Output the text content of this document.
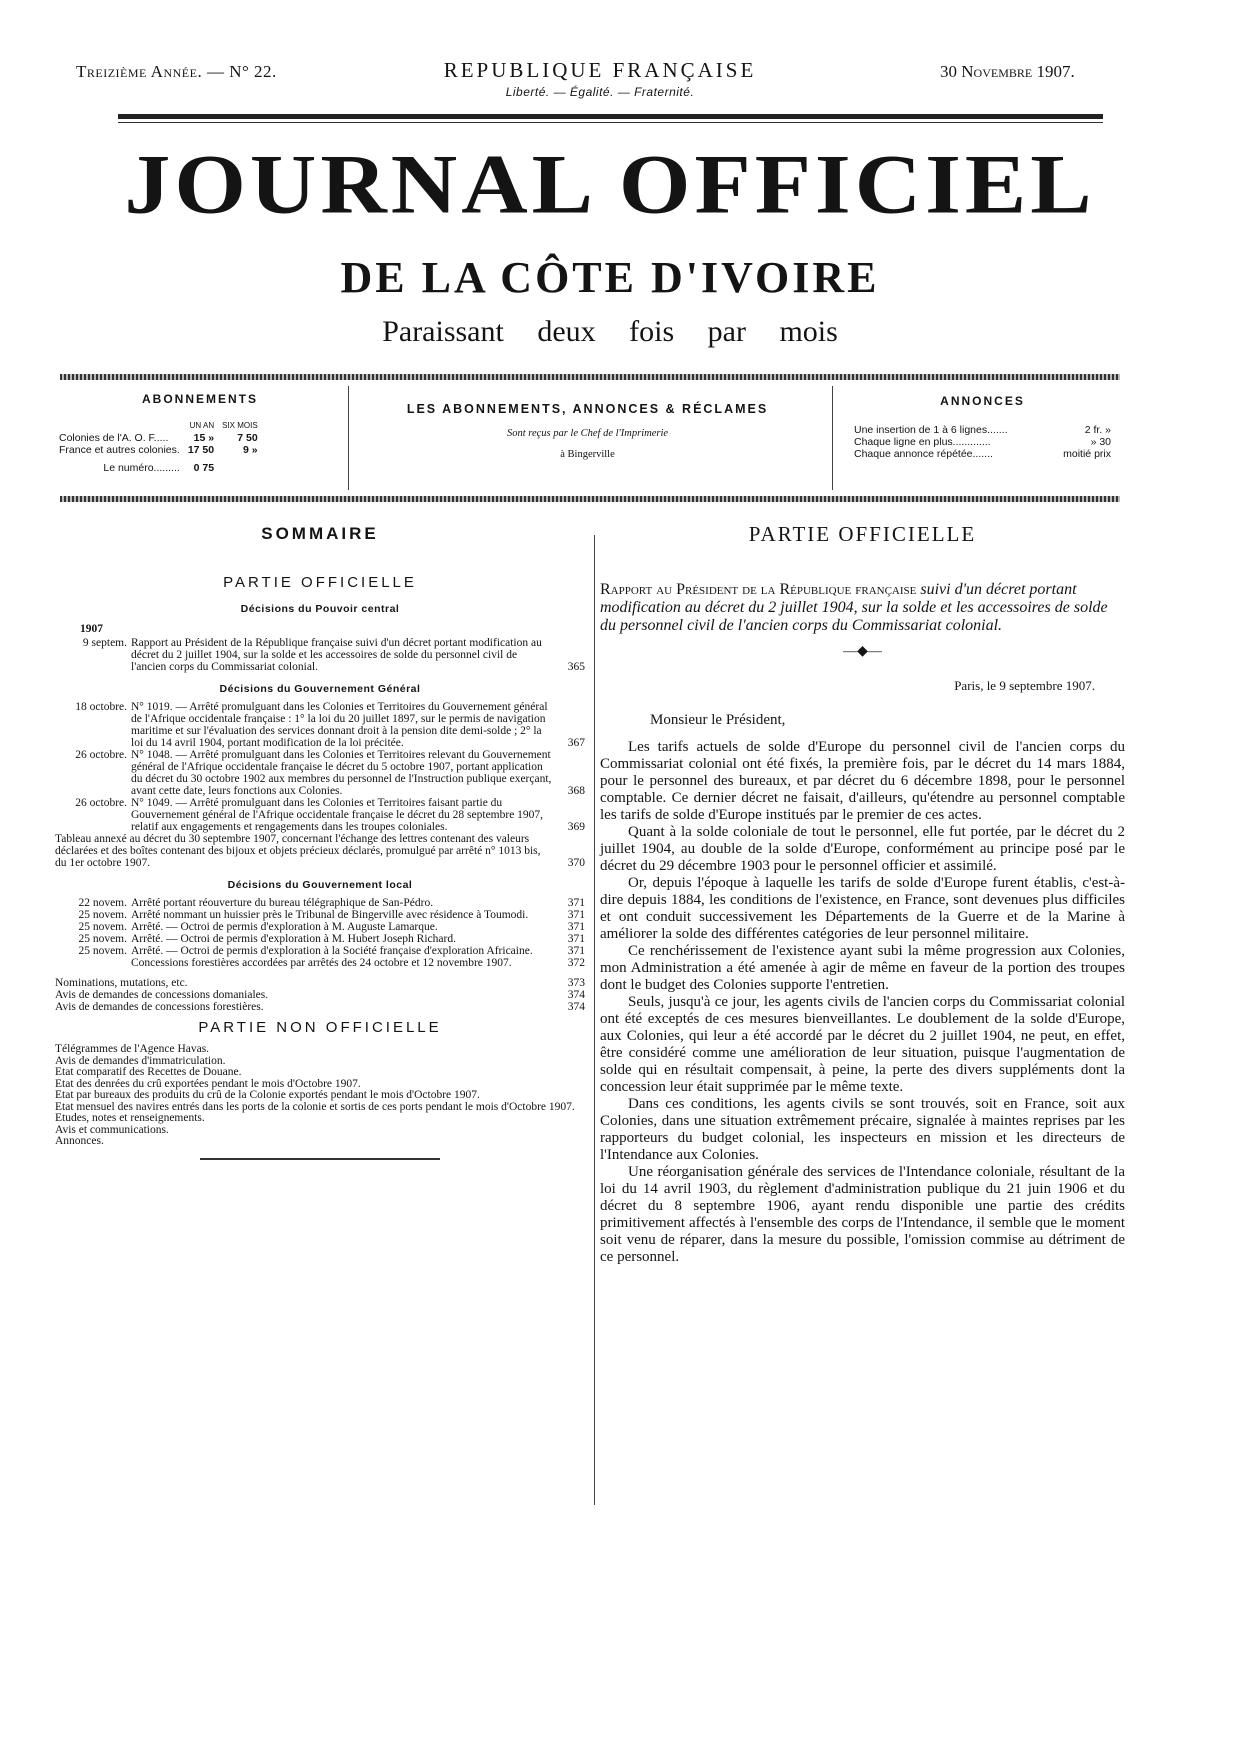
Treizième Année. — N° 22.	REPUBLIQUE FRANÇAISE
Liberté. — Égalité. — Fraternité.
30 Novembre 1907.
JOURNAL OFFICIEL
DE LA CÔTE D'IVOIRE
Paraissant deux fois par mois
ABONNEMENTS
	UN AN	SIX MOIS
Colonies de l'A. O. F.....	15 »	7 50
France et autres colonies.	17 50	9 »
Le numéro.........	0 75	
LES ABONNEMENTS, ANNONCES & RÉCLAMES
Sont reçus par le Chef de l'Imprimerie
à Bingerville
ANNONCES
Une insertion de 1 à 6 lignes.......	2 fr. »
Chaque ligne en plus.............	» 30
Chaque annonce répétée.......	moitié prix
SOMMAIRE
PARTIE OFFICIELLE
Décisions du Pouvoir central
1907
9 septem. Rapport au Président de la République française suivi d'un décret portant modification au décret du 2 juillet 1904, sur la solde et les accessoires de solde du personnel civil de l'ancien corps du Commissariat colonial.	365
Décisions du Gouvernement Général
18 octobre. N° 1019. — Arrêté promulguant dans les Colonies et Territoires du Gouvernement général de l'Afrique occidentale française : 1° la loi du 20 juillet 1897, sur le permis de navigation maritime et sur l'évaluation des services donnant droit à la pension dite demi-solde ; 2° la loi du 14 avril 1904, portant modification de la loi précitée.	367
26 octobre. N° 1048. — Arrêté promulguant dans les Colonies et Territoires relevant du Gouvernement général de l'Afrique occidentale française le décret du 5 octobre 1907, portant application du décret du 30 octobre 1902 aux membres du personnel de l'Instruction publique exerçant, avant cette date, leurs fonctions aux Colonies.	368
26 octobre. N° 1049. — Arrêté promulguant dans les Colonies et Territoires faisant partie du Gouvernement général de l'Afrique occidentale française le décret du 28 septembre 1907, relatif aux engagements et rengagements dans les troupes coloniales.	369
Tableau annexé au décret du 30 septembre 1907, concernant l'échange des lettres contenant des valeurs déclarées et des boîtes contenant des bijoux et objets précieux déclarés, promulgué par arrêté n° 1013 bis, du 1er octobre 1907.	370
Décisions du Gouvernement local
22 novem. Arrêté portant réouverture du bureau télégraphique de San-Pédro.	371
25 novem. Arrêté nommant un huissier près le Tribunal de Bingerville avec résidence à Toumodi.	371
25 novem. Arrêté. — Octroi de permis d'exploration à M. Auguste Lamarque.	371
25 novem. Arrêté. — Octroi de permis d'exploration à M. Hubert Joseph Richard.	371
25 novem. Arrêté. — Octroi de permis d'exploration à la Société française d'exploration Africaine.	371
Concessions forestières accordées par arrêtés des 24 octobre et 12 novembre 1907.	372
Nominations, mutations, etc.	373
Avis de demandes de concessions domaniales.	374
Avis de demandes de concessions forestières.	374
PARTIE NON OFFICIELLE
Télégrammes de l'Agence Havas.
Avis de demandes d'immatriculation.
Etat comparatif des Recettes de Douane.
Etat des denrées du crû exportées pendant le mois d'Octobre 1907.
Etat par bureaux des produits du crû de la Colonie exportés pendant le mois d'Octobre 1907.
Etat mensuel des navires entrés dans les ports de la colonie et sortis de ces ports pendant le mois d'Octobre 1907.
Etudes, notes et renseignements.
Avis et communications.
Annonces.
PARTIE OFFICIELLE
Rapport au Président de la République française suivi d'un décret portant modification au décret du 2 juillet 1904, sur la solde et les accessoires de solde du personnel civil de l'ancien corps du Commissariat colonial.
—◆—
Paris, le 9 septembre 1907.
Monsieur le Président,

Les tarifs actuels de solde d'Europe du personnel civil de l'ancien corps du Commissariat colonial ont été fixés, la première fois, par le décret du 14 mars 1884, pour le personnel des bureaux, et par décret du 6 décembre 1898, pour le personnel comptable. Ce dernier décret ne faisait, d'ailleurs, qu'étendre au personnel comptable les tarifs de solde d'Europe institués par le premier de ces actes.

Quant à la solde coloniale de tout le personnel, elle fut portée, par le décret du 2 juillet 1904, au double de la solde d'Europe, conformément au principe posé par le décret du 29 décembre 1903 pour le personnel officier et assimilé.

Or, depuis l'époque à laquelle les tarifs de solde d'Europe furent établis, c'est-à-dire depuis 1884, les conditions de l'existence, en France, sont devenues plus difficiles et ont conduit successivement les Départements de la Guerre et de la Marine à améliorer la solde des différentes catégories de leur personnel militaire.

Ce renchérissement de l'existence ayant subi la même progression aux Colonies, mon Administration a été amenée à agir de même en faveur de la portion des troupes dont le budget des Colonies supporte l'entretien.

Seuls, jusqu'à ce jour, les agents civils de l'ancien corps du Commissariat colonial ont été exceptés de ces mesures bienveillantes. Le doublement de la solde d'Europe, aux Colonies, qui leur a été accordé par le décret du 2 juillet 1904, ne peut, en effet, être considéré comme une amélioration de leur situation, puisque l'augmentation de solde qui en résultait compensait, à peine, la perte des divers suppléments dont la concession leur était supprimée par le même texte.

Dans ces conditions, les agents civils se sont trouvés, soit en France, soit aux Colonies, dans une situation extrêmement précaire, signalée à maintes reprises par les rapporteurs du budget colonial, les inspecteurs en mission et les directeurs de l'Intendance aux Colonies.

Une réorganisation générale des services de l'Intendance coloniale, résultant de la loi du 14 avril 1903, du règlement d'administration publique du 21 juin 1906 et du décret du 8 septembre 1906, ayant rendu disponible une partie des crédits primitivement affectés à l'ensemble des corps de l'Intendance, il semble que le moment soit venu de réparer, dans la mesure du possible, l'omission commise au détriment de ce personnel.
